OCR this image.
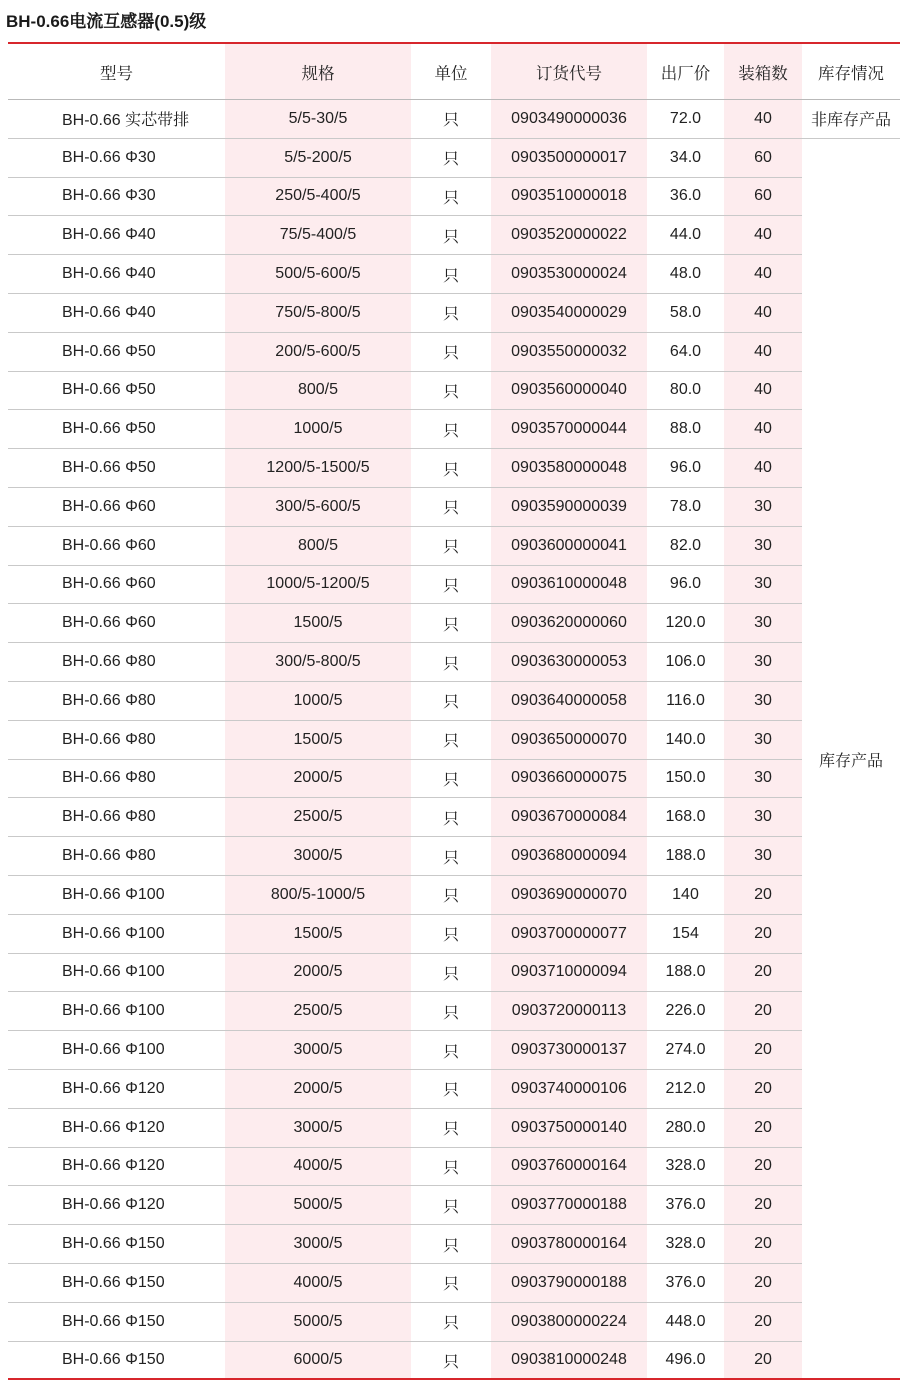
BH-0.66电流互感器(0.5)级
型号	规格	单位	订货代号	出厂价	装箱数	库存情况
BH-0.66 实芯带排	5/5-30/5	只	0903490000036	72.0	40	非库存产品
BH-0.66 Φ30	5/5-200/5	只	0903500000017	34.0	60	库存产品
BH-0.66 Φ30	250/5-400/5	只	0903510000018	36.0	60	
BH-0.66 Φ40	75/5-400/5	只	0903520000022	44.0	40	
BH-0.66 Φ40	500/5-600/5	只	0903530000024	48.0	40	
BH-0.66 Φ40	750/5-800/5	只	0903540000029	58.0	40	
BH-0.66 Φ50	200/5-600/5	只	0903550000032	64.0	40	
BH-0.66 Φ50	800/5	只	0903560000040	80.0	40	
BH-0.66 Φ50	1000/5	只	0903570000044	88.0	40	
BH-0.66 Φ50	1200/5-1500/5	只	0903580000048	96.0	40	
BH-0.66 Φ60	300/5-600/5	只	0903590000039	78.0	30	
BH-0.66 Φ60	800/5	只	0903600000041	82.0	30	
BH-0.66 Φ60	1000/5-1200/5	只	0903610000048	96.0	30	
BH-0.66 Φ60	1500/5	只	0903620000060	120.0	30	
BH-0.66 Φ80	300/5-800/5	只	0903630000053	106.0	30	
BH-0.66 Φ80	1000/5	只	0903640000058	116.0	30	
BH-0.66 Φ80	1500/5	只	0903650000070	140.0	30	
BH-0.66 Φ80	2000/5	只	0903660000075	150.0	30	
BH-0.66 Φ80	2500/5	只	0903670000084	168.0	30	
BH-0.66 Φ80	3000/5	只	0903680000094	188.0	30	
BH-0.66 Φ100	800/5-1000/5	只	0903690000070	140	20	
BH-0.66 Φ100	1500/5	只	0903700000077	154	20	
BH-0.66 Φ100	2000/5	只	0903710000094	188.0	20	
BH-0.66 Φ100	2500/5	只	0903720000113	226.0	20	
BH-0.66 Φ100	3000/5	只	0903730000137	274.0	20	
BH-0.66 Φ120	2000/5	只	0903740000106	212.0	20	
BH-0.66 Φ120	3000/5	只	0903750000140	280.0	20	
BH-0.66 Φ120	4000/5	只	0903760000164	328.0	20	
BH-0.66 Φ120	5000/5	只	0903770000188	376.0	20	
BH-0.66 Φ150	3000/5	只	0903780000164	328.0	20	
BH-0.66 Φ150	4000/5	只	0903790000188	376.0	20	
BH-0.66 Φ150	5000/5	只	0903800000224	448.0	20	
BH-0.66 Φ150	6000/5	只	0903810000248	496.0	20	
